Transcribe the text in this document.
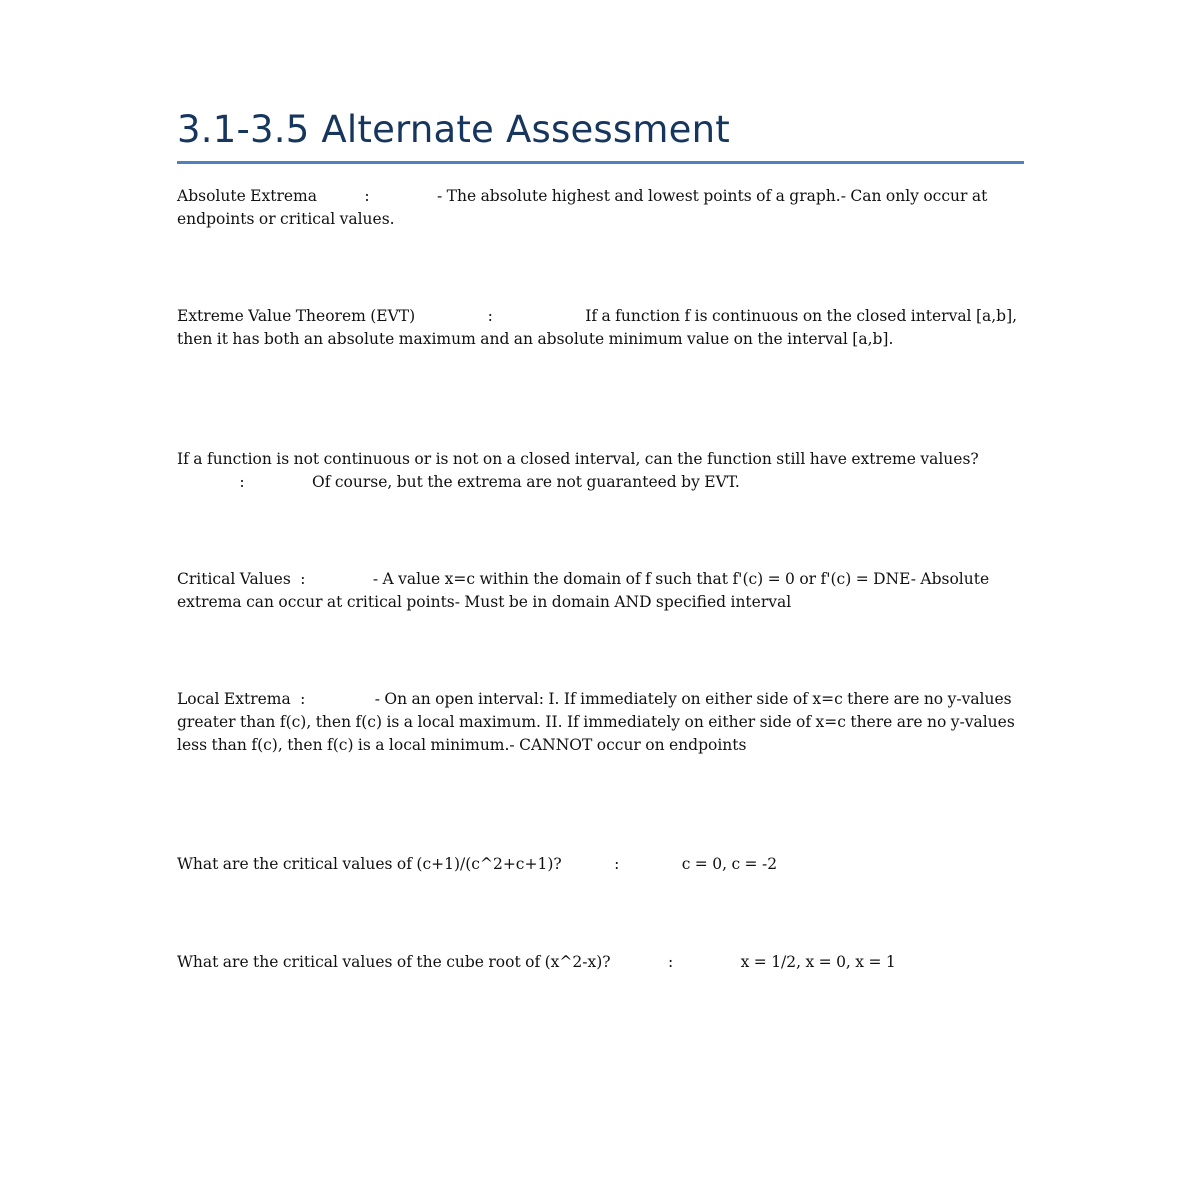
3.1-3.5 Alternate Assessment

Absolute Extrema	:	- The absolute highest and lowest points of a graph.- Can only occur at endpoints or critical values.

Extreme Value Theorem (EVT)	:	If a function f is continuous on the closed interval [a,b], then it has both an absolute maximum and an absolute minimum value on the interval [a,b].

If a function is not continuous or is not on a closed interval, can the function still have extreme values?:	Of course, but the extrema are not guaranteed by EVT.

Critical Values :	- A value x=c within the domain of f such that f'(c) = 0 or f'(c) = DNE- Absolute extrema can occur at critical points- Must be in domain AND specified interval

Local Extrema :	- On an open interval: I. If immediately on either side of x=c there are no y-values greater than f(c), then f(c) is a local maximum. II. If immediately on either side of x=c there are no y-values less than f(c), then f(c) is a local minimum.- CANNOT occur on endpoints

What are the critical values of (c+1)/(c^2+c+1)?	:	c = 0, c = -2

What are the critical values of the cube root of (x^2-x)?	:	x = 1/2, x = 0, x = 1
